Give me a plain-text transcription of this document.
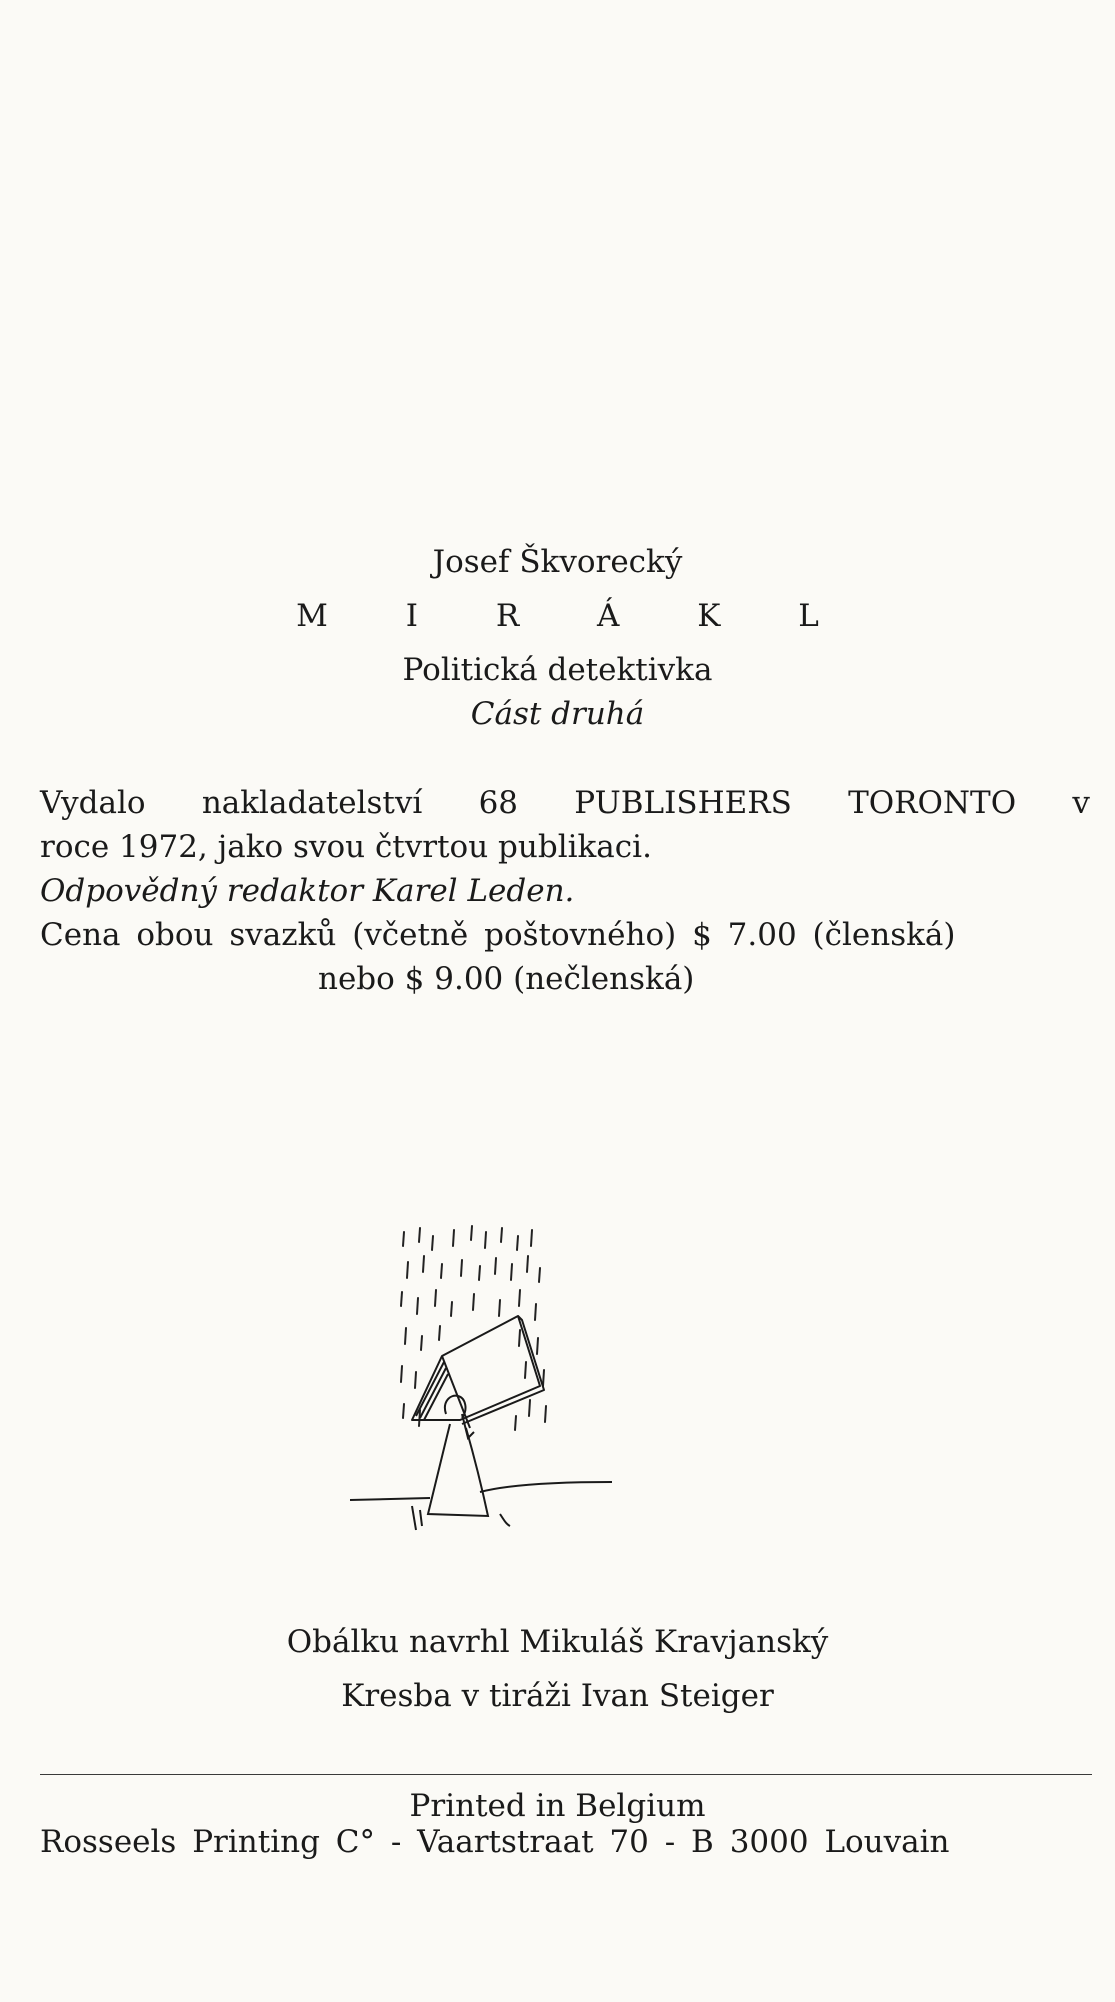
Josef Škvorecký
M I R Á K L
Politická detektivka
Cást druhá
Vydalo nakladatelství 68 PUBLISHERS TORONTO v
roce 1972, jako svou čtvrtou publikaci.
Odpovědný redaktor Karel Leden.
Cena obou svazků (včetně poštovného) $ 7.00 (členská)
nebo $ 9.00 (nečlenská)
Obálku navrhl Mikuláš Kravjanský
Kresba v tiráži Ivan Steiger
Printed in Belgium
Rosseels Printing C° - Vaartstraat 70 - B 3000 Louvain
